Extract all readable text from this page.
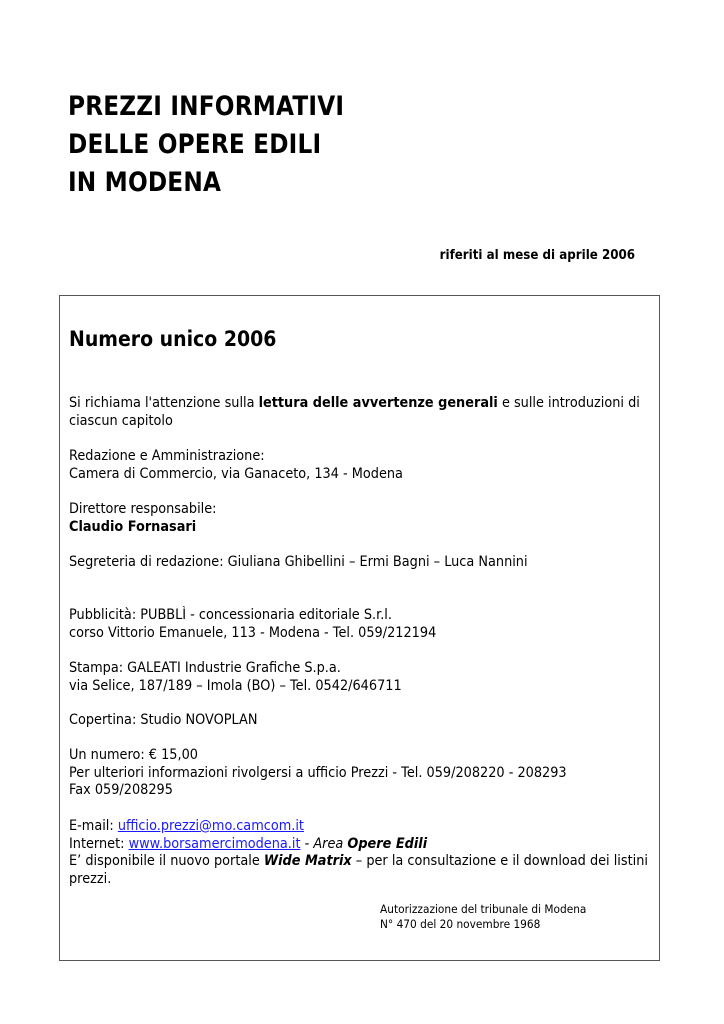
PREZZI INFORMATIVI
DELLE OPERE EDILI
IN MODENA
riferiti al mese di aprile 2006
Numero unico 2006
Si richiama l'attenzione sulla lettura delle avvertenze generali e sulle introduzioni di
ciascun capitolo
Redazione e Amministrazione:
Camera di Commercio, via Ganaceto, 134 - Modena
Direttore responsabile:
Claudio Fornasari
Segreteria di redazione: Giuliana Ghibellini – Ermi Bagni – Luca Nannini
Pubblicità: PUBBLÌ - concessionaria editoriale S.r.l.
corso Vittorio Emanuele, 113 - Modena - Tel. 059/212194
Stampa: GALEATI Industrie Grafiche S.p.a.
via Selice, 187/189 – Imola (BO) – Tel. 0542/646711
Copertina: Studio NOVOPLAN
Un numero: € 15,00
Per ulteriori informazioni rivolgersi a ufficio Prezzi - Tel. 059/208220 - 208293
Fax 059/208295
E-mail: ufficio.prezzi@mo.camcom.it
Internet: www.borsamercimodena.it - Area Opere Edili
E’ disponibile il nuovo portale Wide Matrix – per la consultazione e il download dei listini
prezzi.
Autorizzazione del tribunale di Modena
N° 470 del 20 novembre 1968
